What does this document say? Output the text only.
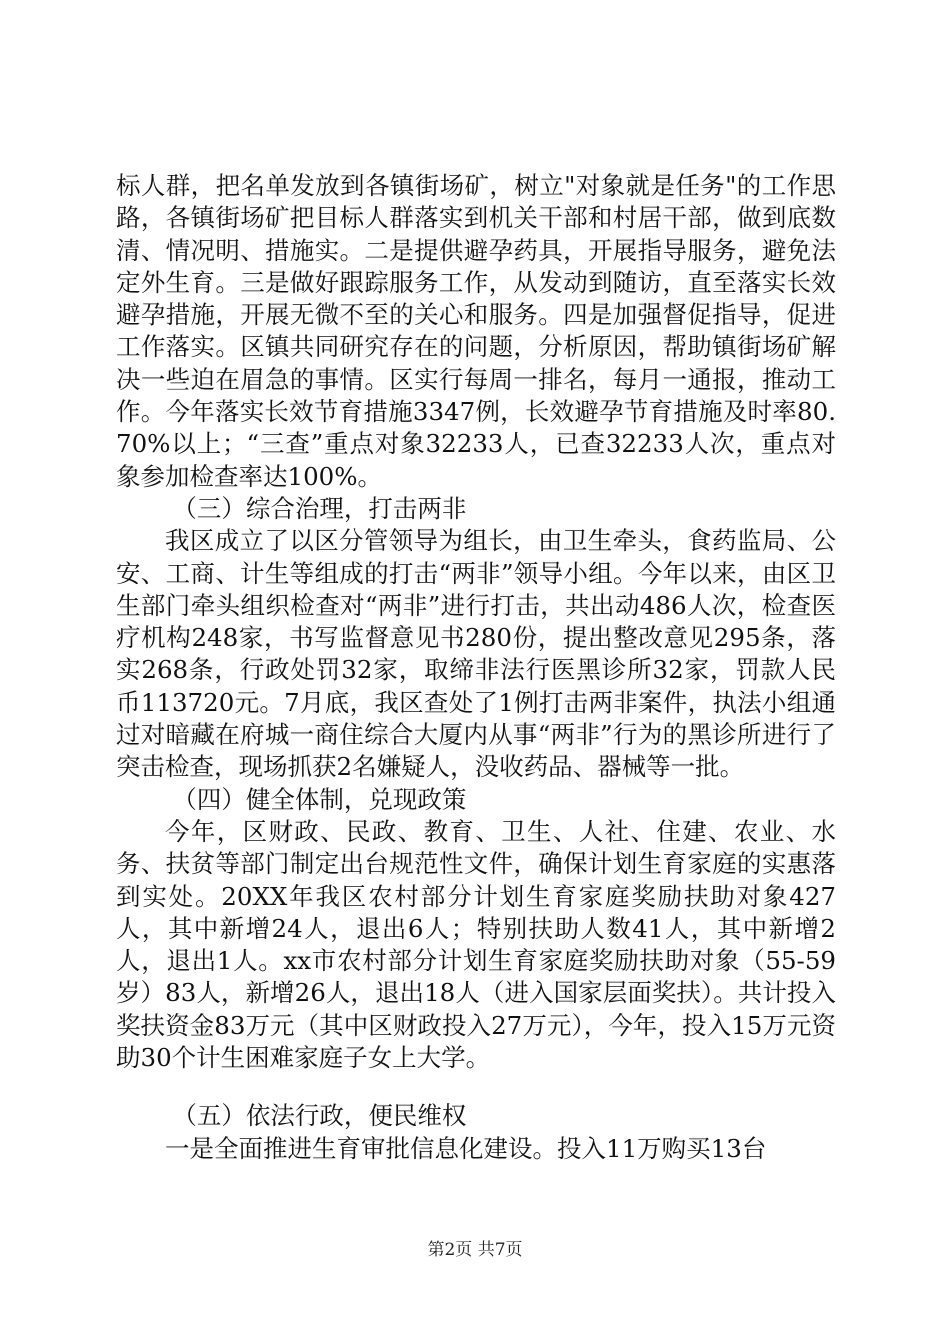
标人群，把名单发放到各镇街场矿，树立"对象就是任务"的工作思路，各镇街场矿把目标人群落实到机关干部和村居干部，做到底数清、情况明、措施实。二是提供避孕药具，开展指导服务，避免法定外生育。三是做好跟踪服务工作，从发动到随访，直至落实长效避孕措施，开展无微不至的关心和服务。四是加强督促指导，促进工作落实。区镇共同研究存在的问题，分析原因，帮助镇街场矿解决一些迫在眉急的事情。区实行每周一排名，每月一通报，推动工作。今年落实长效节育措施3347例，长效避孕节育措施及时率80.70%以上；“三查”重点对象32233人，已查32233人次，重点对象参加检查率达100%。

（三）综合治理，打击两非

我区成立了以区分管领导为组长，由卫生牵头，食药监局、公安、工商、计生等组成的打击“两非”领导小组。今年以来，由区卫生部门牵头组织检查对“两非”进行打击，共出动486人次，检查医疗机构248家，书写监督意见书280份，提出整改意见295条，落实268条，行政处罚32家，取缔非法行医黑诊所32家，罚款人民币113720元。7月底，我区查处了1例打击两非案件，执法小组通过对暗藏在府城一商住综合大厦内从事“两非”行为的黑诊所进行了突击检查，现场抓获2名嫌疑人，没收药品、器械等一批。

（四）健全体制，兑现政策

今年，区财政、民政、教育、卫生、人社、住建、农业、水务、扶贫等部门制定出台规范性文件，确保计划生育家庭的实惠落到实处。20XX年我区农村部分计划生育家庭奖励扶助对象427人，其中新增24人，退出6人；特别扶助人数41人，其中新增2人，退出1人。xx市农村部分计划生育家庭奖励扶助对象（55-59岁）83人，新增26人，退出18人（进入国家层面奖扶）。共计投入奖扶资金83万元（其中区财政投入27万元），今年，投入15万元资助30个计生困难家庭子女上大学。

（五）依法行政，便民维权

一是全面推进生育审批信息化建设。投入11万购买13台

第2页 共7页
